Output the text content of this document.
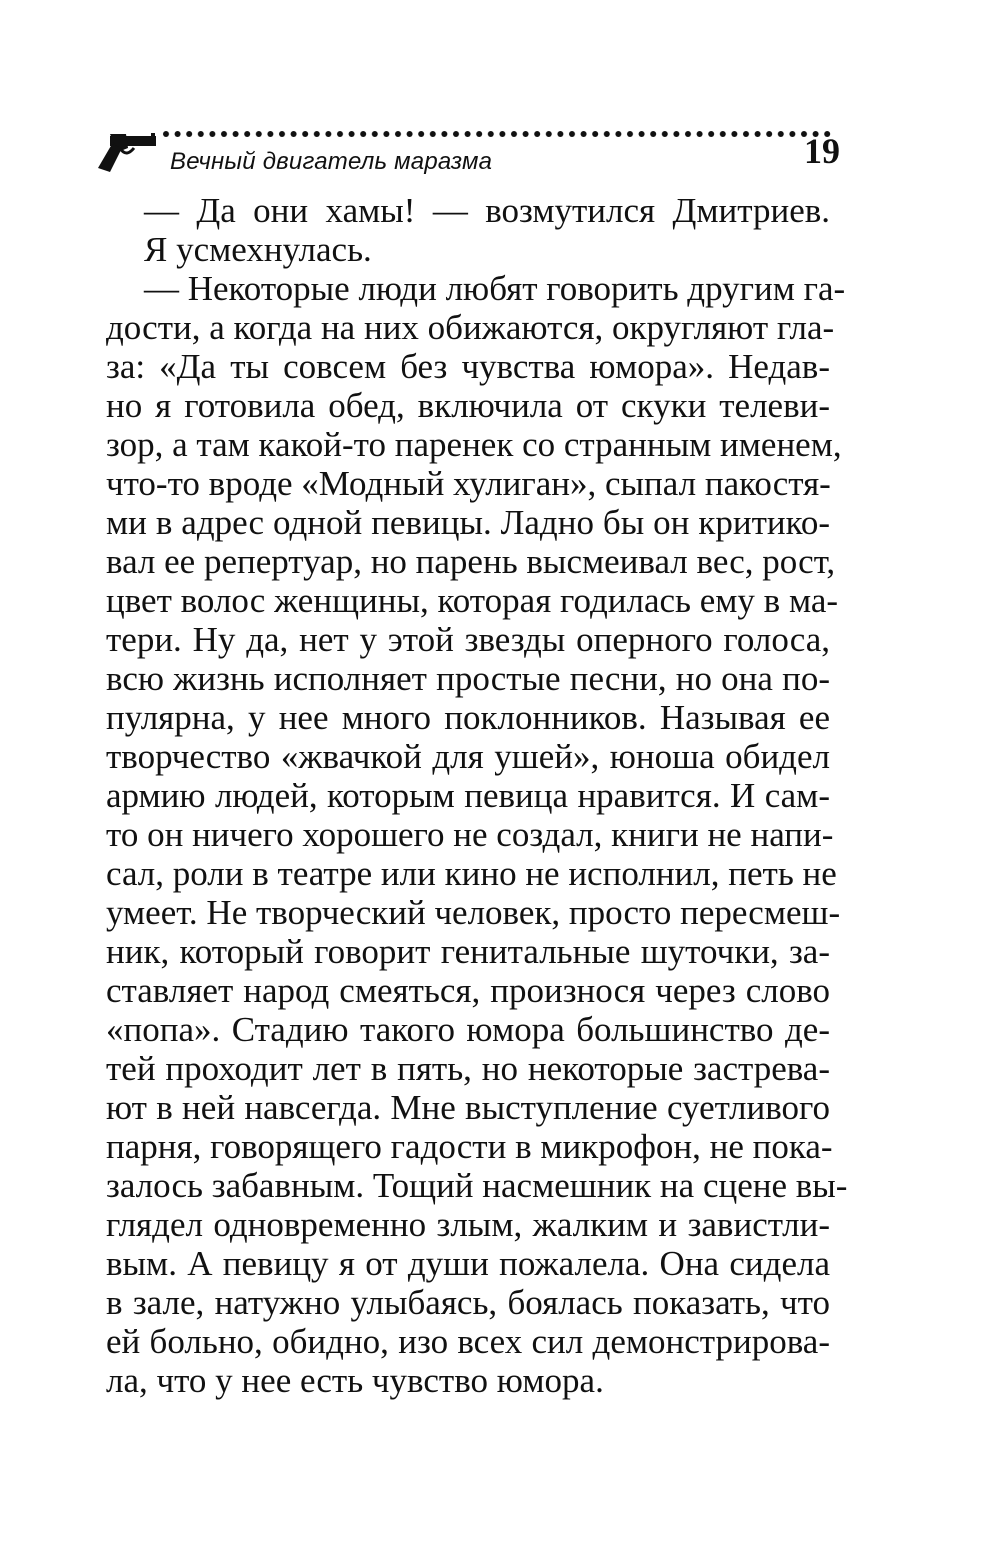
Вечный двигатель маразма	19
— Да они хамы! — возмутился Дмитриев.
Я усмехнулась.
— Некоторые люди любят говорить другим га-
дости, а когда на них обижаются, округляют гла-
за: «Да ты совсем без чувства юмора». Недав-
но я готовила обед, включила от скуки телеви-
зор, а там какой-то паренек со странным именем,
что-то вроде «Модный хулиган», сыпал пакостя-
ми в адрес одной певицы. Ладно бы он критико-
вал ее репертуар, но парень высмеивал вес, рост,
цвет волос женщины, которая годилась ему в ма-
тери. Ну да, нет у этой звезды оперного голоса,
всю жизнь исполняет простые песни, но она по-
пулярна, у нее много поклонников. Называя ее
творчество «жвачкой для ушей», юноша обидел
армию людей, которым певица нравится. И сам-
то он ничего хорошего не создал, книги не напи-
сал, роли в театре или кино не исполнил, петь не
умеет. Не творческий человек, просто пересмеш-
ник, который говорит генитальные шуточки, за-
ставляет народ смеяться, произнося через слово
«попа». Стадию такого юмора большинство де-
тей проходит лет в пять, но некоторые застрева-
ют в ней навсегда. Мне выступление суетливого
парня, говорящего гадости в микрофон, не пока-
залось забавным. Тощий насмешник на сцене вы-
глядел одновременно злым, жалким и завистли-
вым. А певицу я от души пожалела. Она сидела
в зале, натужно улыбаясь, боялась показать, что
ей больно, обидно, изо всех сил демонстрирова-
ла, что у нее есть чувство юмора.
